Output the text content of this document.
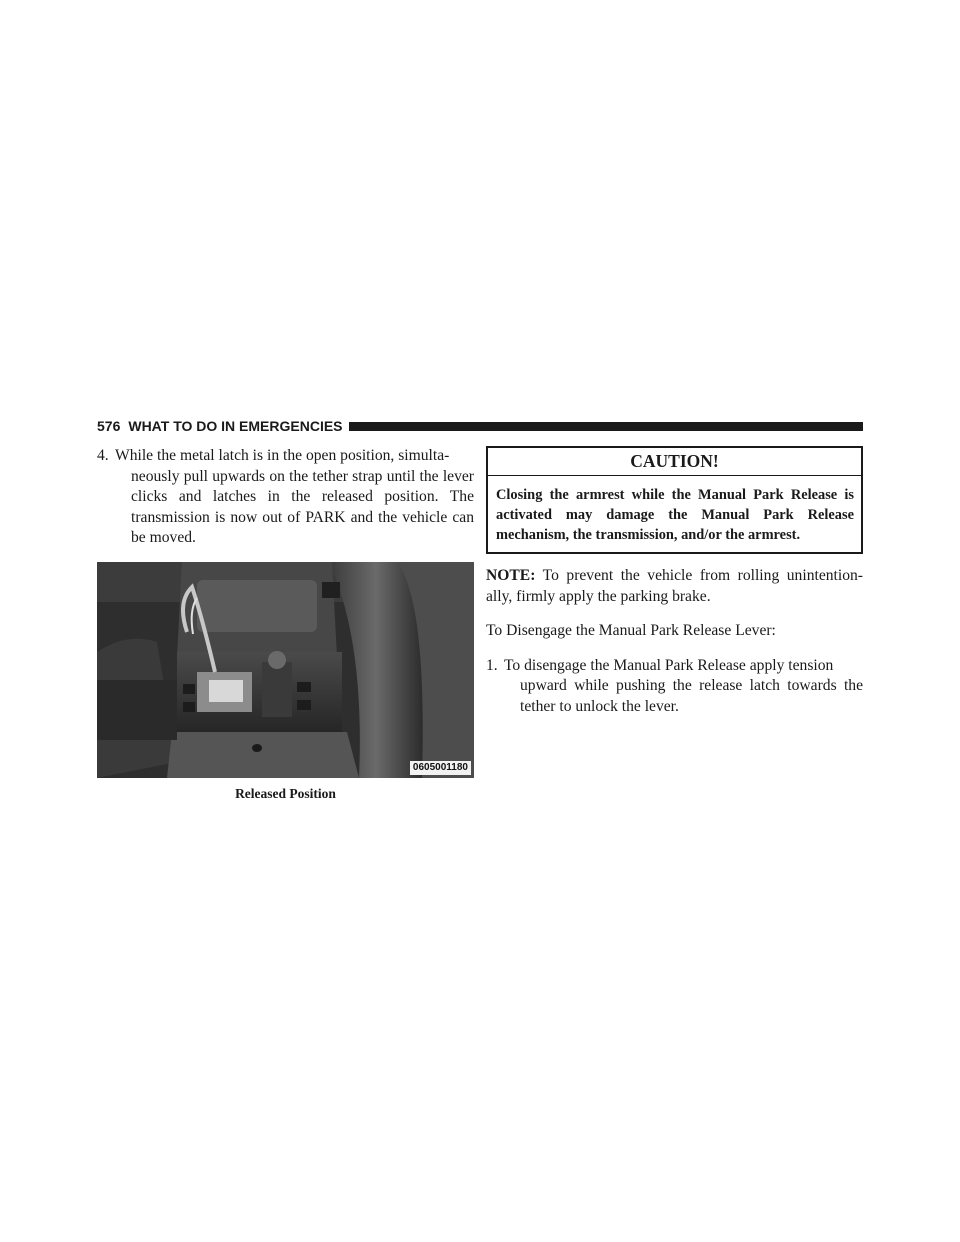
576 WHAT TO DO IN EMERGENCIES
4. While the metal latch is in the open position, simulta-
neously pull upwards on the tether strap until the lever clicks and latches in the released position. The transmission is now out of PARK and the vehicle can be moved.
0605001180
Released Position
CAUTION!
Closing the armrest while the Manual Park Release is activated may damage the Manual Park Release mechanism, the transmission, and/or the armrest.
NOTE: To prevent the vehicle from rolling unintention-ally, firmly apply the parking brake.
To Disengage the Manual Park Release Lever:
1. To disengage the Manual Park Release apply tension
upward while pushing the release latch towards the tether to unlock the lever.
